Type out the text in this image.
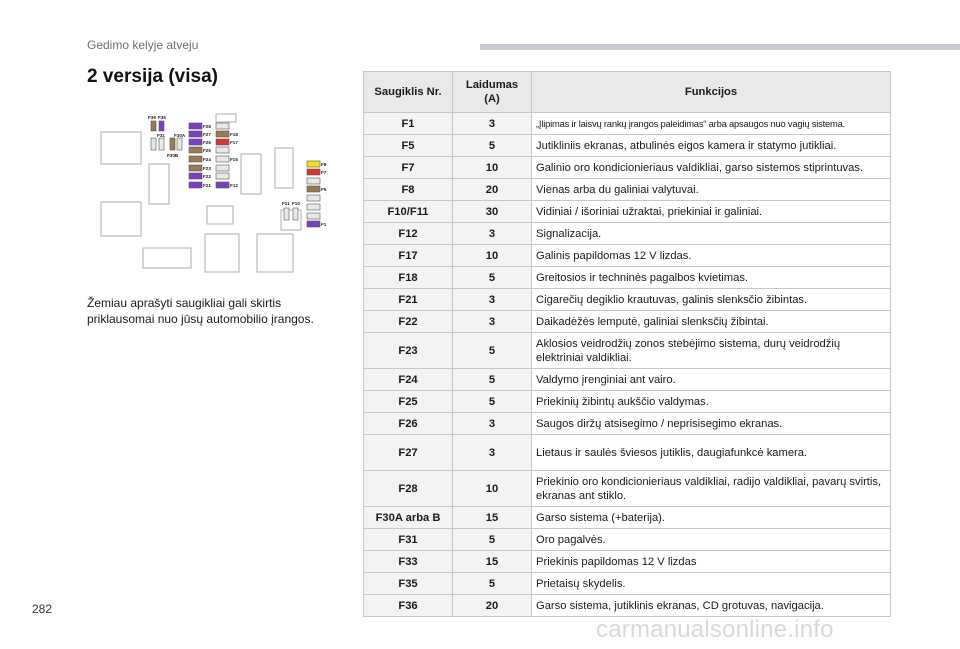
Gedimo kelyje atveju
2 versija (visa)
F36 F35
F31 F30A
F30B
F28
F27
F26
F25
F24
F23
F22
F21
F18
F17
F15
F12
F11 F10
F8
F7
F5
F1
Žemiau aprašyti saugikliai gali skirtis priklausomai nuo jūsų automobilio įrangos.
Saugiklis Nr.	Laidumas (A)	Funkcijos
F1	3	„Įlipimas ir laisvų rankų įrangos paleidimas“ arba apsaugos nuo vagių sistema.
F5	5	Jutikliniis ekranas, atbulinės eigos kamera ir statymo jutikliai.
F7	10	Galinio oro kondicionieriaus valdikliai, garso sistemos stiprintuvas.
F8	20	Vienas arba du galiniai valytuvai.
F10/F11	30	Vidiniai / išoriniai užraktai, priekiniai ir galiniai.
F12	3	Signalizacija.
F17	10	Galinis papildomas 12 V lizdas.
F18	5	Greitosios ir techninės pagalbos kvietimas.
F21	3	Cigarečių degiklio krautuvas, galinis slenksčio žibintas.
F22	3	Daikadėžės lemputė, galiniai slenksčių žibintai.
F23	5	Aklosios veidrodžių zonos stebėjimo sistema, durų veidrodžių elektriniai valdikliai.
F24	5	Valdymo įrenginiai ant vairo.
F25	5	Priekinių žibintų aukščio valdymas.
F26	3	Saugos diržų atsisegimo / neprisisegimo ekranas.
F27	3	Lietaus ir saulės šviesos jutiklis, daugiafunkcė kamera.
F28	10	Priekinio oro kondicionieriaus valdikliai, radijo valdikliai, pavarų svirtis, ekranas ant stiklo.
F30A arba B	15	Garso sistema (+baterija).
F31	5	Oro pagalvės.
F33	15	Priekinis papildomas 12 V lizdas
F35	5	Prietaisų skydelis.
F36	20	Garso sistema, jutiklinis ekranas, CD grotuvas, navigacija.
282
carmanualsonline.info
